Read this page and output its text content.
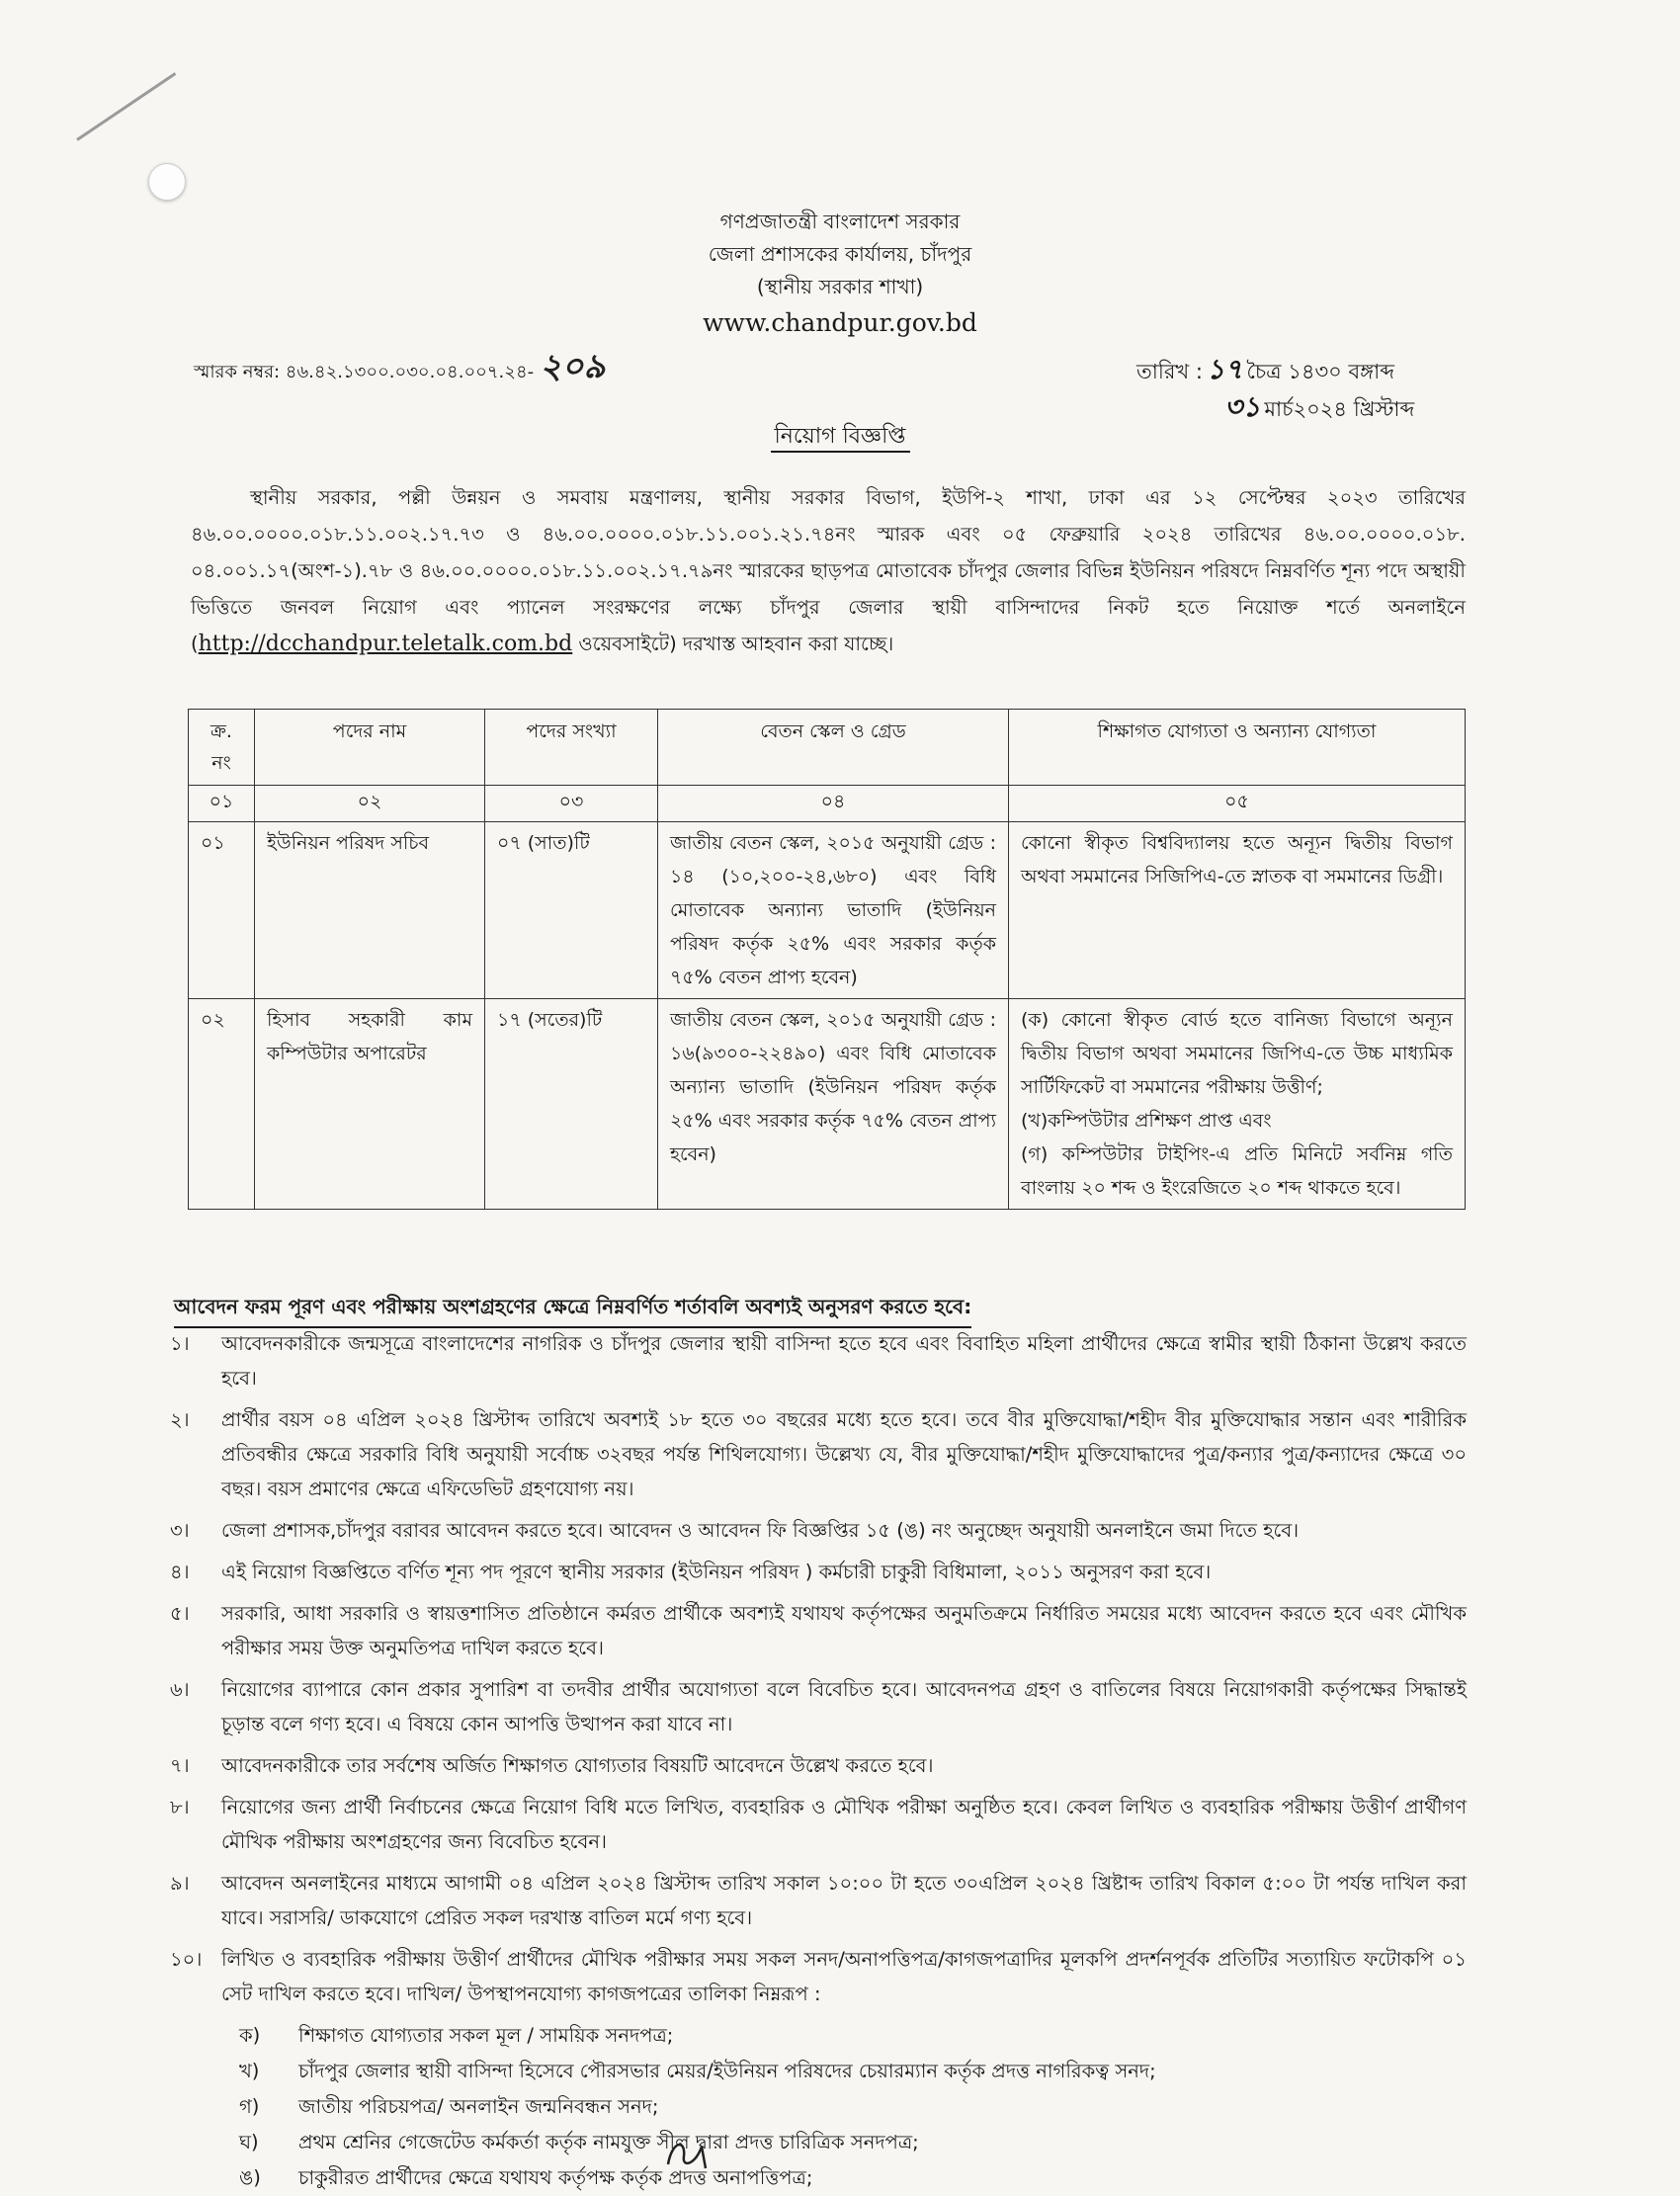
গণপ্রজাতন্ত্রী বাংলাদেশ সরকার
জেলা প্রশাসকের কার্যালয়, চাঁদপুর
(স্থানীয় সরকার শাখা)
www.chandpur.gov.bd
স্মারক নম্বর: ৪৬.৪২.১৩০০.০৩০.০৪.০০৭.২৪- ২০৯	তারিখ : ১৭ চৈত্র ১৪৩০ বঙ্গাব্দ
৩১ মার্চ২০২৪ খ্রিস্টাব্দ
নিয়োগ বিজ্ঞপ্তি

স্থানীয় সরকার, পল্লী উন্নয়ন ও সমবায় মন্ত্রণালয়, স্থানীয় সরকার বিভাগ, ইউপি-২ শাখা, ঢাকা এর ১২ সেপ্টেম্বর ২০২৩ তারিখের ৪৬.০০.০০০০.০১৮.১১.০০২.১৭.৭৩ ও ৪৬.০০.০০০০.০১৮.১১.০০১.২১.৭৪নং স্মারক এবং ০৫ ফেব্রুয়ারি ২০২৪ তারিখের ৪৬.০০.০০০০.০১৮. ০৪.০০১.১৭(অংশ-১).৭৮ ও ৪৬.০০.০০০০.০১৮.১১.০০২.১৭.৭৯নং স্মারকের ছাড়পত্র মোতাবেক চাঁদপুর জেলার বিভিন্ন ইউনিয়ন পরিষদে নিম্নবর্ণিত শূন্য পদে অস্থায়ী ভিত্তিতে জনবল নিয়োগ এবং প্যানেল সংরক্ষণের লক্ষ্যে চাঁদপুর জেলার স্থায়ী বাসিন্দাদের নিকট হতে নিয়োক্ত শর্তে অনলাইনে (http://dcchandpur.teletalk.com.bd ওয়েবসাইটে) দরখাস্ত আহবান করা যাচ্ছে।

ক্র. নং	পদের নাম	পদের সংখ্যা	বেতন স্কেল ও গ্রেড	শিক্ষাগত যোগ্যতা ও অন্যান্য যোগ্যতা
০১	০২	০৩	০৪	০৫
০১	ইউনিয়ন পরিষদ সচিব	০৭ (সাত)টি	জাতীয় বেতন স্কেল, ২০১৫ অনুযায়ী গ্রেড : ১৪ (১০,২০০-২৪,৬৮০) এবং বিধি মোতাবেক অন্যান্য ভাতাদি (ইউনিয়ন পরিষদ কর্তৃক ২৫% এবং সরকার কর্তৃক ৭৫% বেতন প্রাপ্য হবেন)	কোনো স্বীকৃত বিশ্ববিদ্যালয় হতে অন্যূন দ্বিতীয় বিভাগ অথবা সমমানের সিজিপিএ-তে স্নাতক বা সমমানের ডিগ্রী।
০২	হিসাব সহকারী কাম কম্পিউটার অপারেটর	১৭ (সতের)টি	জাতীয় বেতন স্কেল, ২০১৫ অনুযায়ী গ্রেড : ১৬(৯৩০০-২২৪৯০) এবং বিধি মোতাবেক অন্যান্য ভাতাদি (ইউনিয়ন পরিষদ কর্তৃক ২৫% এবং সরকার কর্তৃক ৭৫% বেতন প্রাপ্য হবেন)	(ক) কোনো স্বীকৃত বোর্ড হতে বানিজ্য বিভাগে অন্যূন দ্বিতীয় বিভাগ অথবা সমমানের জিপিএ-তে উচ্চ মাধ্যমিক সার্টিফিকেট বা সমমানের পরীক্ষায় উত্তীর্ণ;
(খ)কম্পিউটার প্রশিক্ষণ প্রাপ্ত এবং
(গ) কম্পিউটার টাইপিং-এ প্রতি মিনিটে সর্বনিম্ন গতি বাংলায় ২০ শব্দ ও ইংরেজিতে ২০ শব্দ থাকতে হবে।
আবেদন ফরম পূরণ এবং পরীক্ষায় অংশগ্রহণের ক্ষেত্রে নিম্নবর্ণিত শর্তাবলি অবশ্যই অনুসরণ করতে হবে:
১।	আবেদনকারীকে জন্মসূত্রে বাংলাদেশের নাগরিক ও চাঁদপুর জেলার স্থায়ী বাসিন্দা হতে হবে এবং বিবাহিত মহিলা প্রার্থীদের ক্ষেত্রে স্বামীর স্থায়ী ঠিকানা উল্লেখ করতে হবে।
২।	প্রার্থীর বয়স ০৪ এপ্রিল ২০২৪ খ্রিস্টাব্দ তারিখে অবশ্যই ১৮ হতে ৩০ বছরের মধ্যে হতে হবে। তবে বীর মুক্তিযোদ্ধা/শহীদ বীর মুক্তিযোদ্ধার সন্তান এবং শারীরিক প্রতিবন্ধীর ক্ষেত্রে সরকারি বিধি অনুযায়ী সর্বোচ্চ ৩২বছর পর্যন্ত শিথিলযোগ্য। উল্লেখ্য যে, বীর মুক্তিযোদ্ধা/শহীদ মুক্তিযোদ্ধাদের পুত্র/কন্যার পুত্র/কন্যাদের ক্ষেত্রে ৩০ বছর। বয়স প্রমাণের ক্ষেত্রে এফিডেভিট গ্রহণযোগ্য নয়।
৩।	জেলা প্রশাসক,চাঁদপুর বরাবর আবেদন করতে হবে। আবেদন ও আবেদন ফি বিজ্ঞপ্তির ১৫ (ঙ) নং অনুচ্ছেদ অনুযায়ী অনলাইনে জমা দিতে হবে।
৪।	এই নিয়োগ বিজ্ঞপ্তিতে বর্ণিত শূন্য পদ পূরণে স্থানীয় সরকার (ইউনিয়ন পরিষদ ) কর্মচারী চাকুরী বিধিমালা, ২০১১ অনুসরণ করা হবে।
৫।	সরকারি, আধা সরকারি ও স্বায়ত্তশাসিত প্রতিষ্ঠানে কর্মরত প্রার্থীকে অবশ্যই যথাযথ কর্তৃপক্ষের অনুমতিক্রমে নির্ধারিত সময়ের মধ্যে আবেদন করতে হবে এবং মৌখিক পরীক্ষার সময় উক্ত অনুমতিপত্র দাখিল করতে হবে।
৬।	নিয়োগের ব্যাপারে কোন প্রকার সুপারিশ বা তদবীর প্রার্থীর অযোগ্যতা বলে বিবেচিত হবে। আবেদনপত্র গ্রহণ ও বাতিলের বিষয়ে নিয়োগকারী কর্তৃপক্ষের সিদ্ধান্তই চূড়ান্ত বলে গণ্য হবে। এ বিষয়ে কোন আপত্তি উত্থাপন করা যাবে না।
৭।	আবেদনকারীকে তার সর্বশেষ অর্জিত শিক্ষাগত যোগ্যতার বিষয়টি আবেদনে উল্লেখ করতে হবে।
৮।	নিয়োগের জন্য প্রার্থী নির্বাচনের ক্ষেত্রে নিয়োগ বিধি মতে লিখিত, ব্যবহারিক ও মৌখিক পরীক্ষা অনুষ্ঠিত হবে। কেবল লিখিত ও ব্যবহারিক পরীক্ষায় উত্তীর্ণ প্রার্থীগণ মৌখিক পরীক্ষায় অংশগ্রহণের জন্য বিবেচিত হবেন।
৯।	আবেদন অনলাইনের মাধ্যমে আগামী ০৪ এপ্রিল ২০২৪ খ্রিস্টাব্দ তারিখ সকাল ১০:০০ টা হতে ৩০এপ্রিল ২০২৪ খ্রিষ্টাব্দ তারিখ বিকাল ৫:০০ টা পর্যন্ত দাখিল করা যাবে। সরাসরি/ ডাকযোগে প্রেরিত সকল দরখাস্ত বাতিল মর্মে গণ্য হবে।
১০।	লিখিত ও ব্যবহারিক পরীক্ষায় উত্তীর্ণ প্রার্থীদের মৌখিক পরীক্ষার সময় সকল সনদ/অনাপত্তিপত্র/কাগজপত্রাদির মূলকপি প্রদর্শনপূর্বক প্রতিটির সত্যায়িত ফটোকপি ০১ সেট দাখিল করতে হবে। দাখিল/ উপস্থাপনযোগ্য কাগজপত্রের তালিকা নিম্নরূপ :
ক)	শিক্ষাগত যোগ্যতার সকল মূল / সাময়িক সনদপত্র;
খ)	চাঁদপুর জেলার স্থায়ী বাসিন্দা হিসেবে পৌরসভার মেয়র/ইউনিয়ন পরিষদের চেয়ারম্যান কর্তৃক প্রদত্ত নাগরিকত্ব সনদ;
গ)	জাতীয় পরিচয়পত্র/ অনলাইন জন্মনিবন্ধন সনদ;
ঘ)	প্রথম শ্রেনির গেজেটেড কর্মকর্তা কর্তৃক নামযুক্ত সীল দ্বারা প্রদত্ত চারিত্রিক সনদপত্র;
ঙ)	চাকুরীরত প্রার্থীদের ক্ষেত্রে যথাযথ কর্তৃপক্ষ কর্তৃক প্রদত্ত অনাপত্তিপত্র;
